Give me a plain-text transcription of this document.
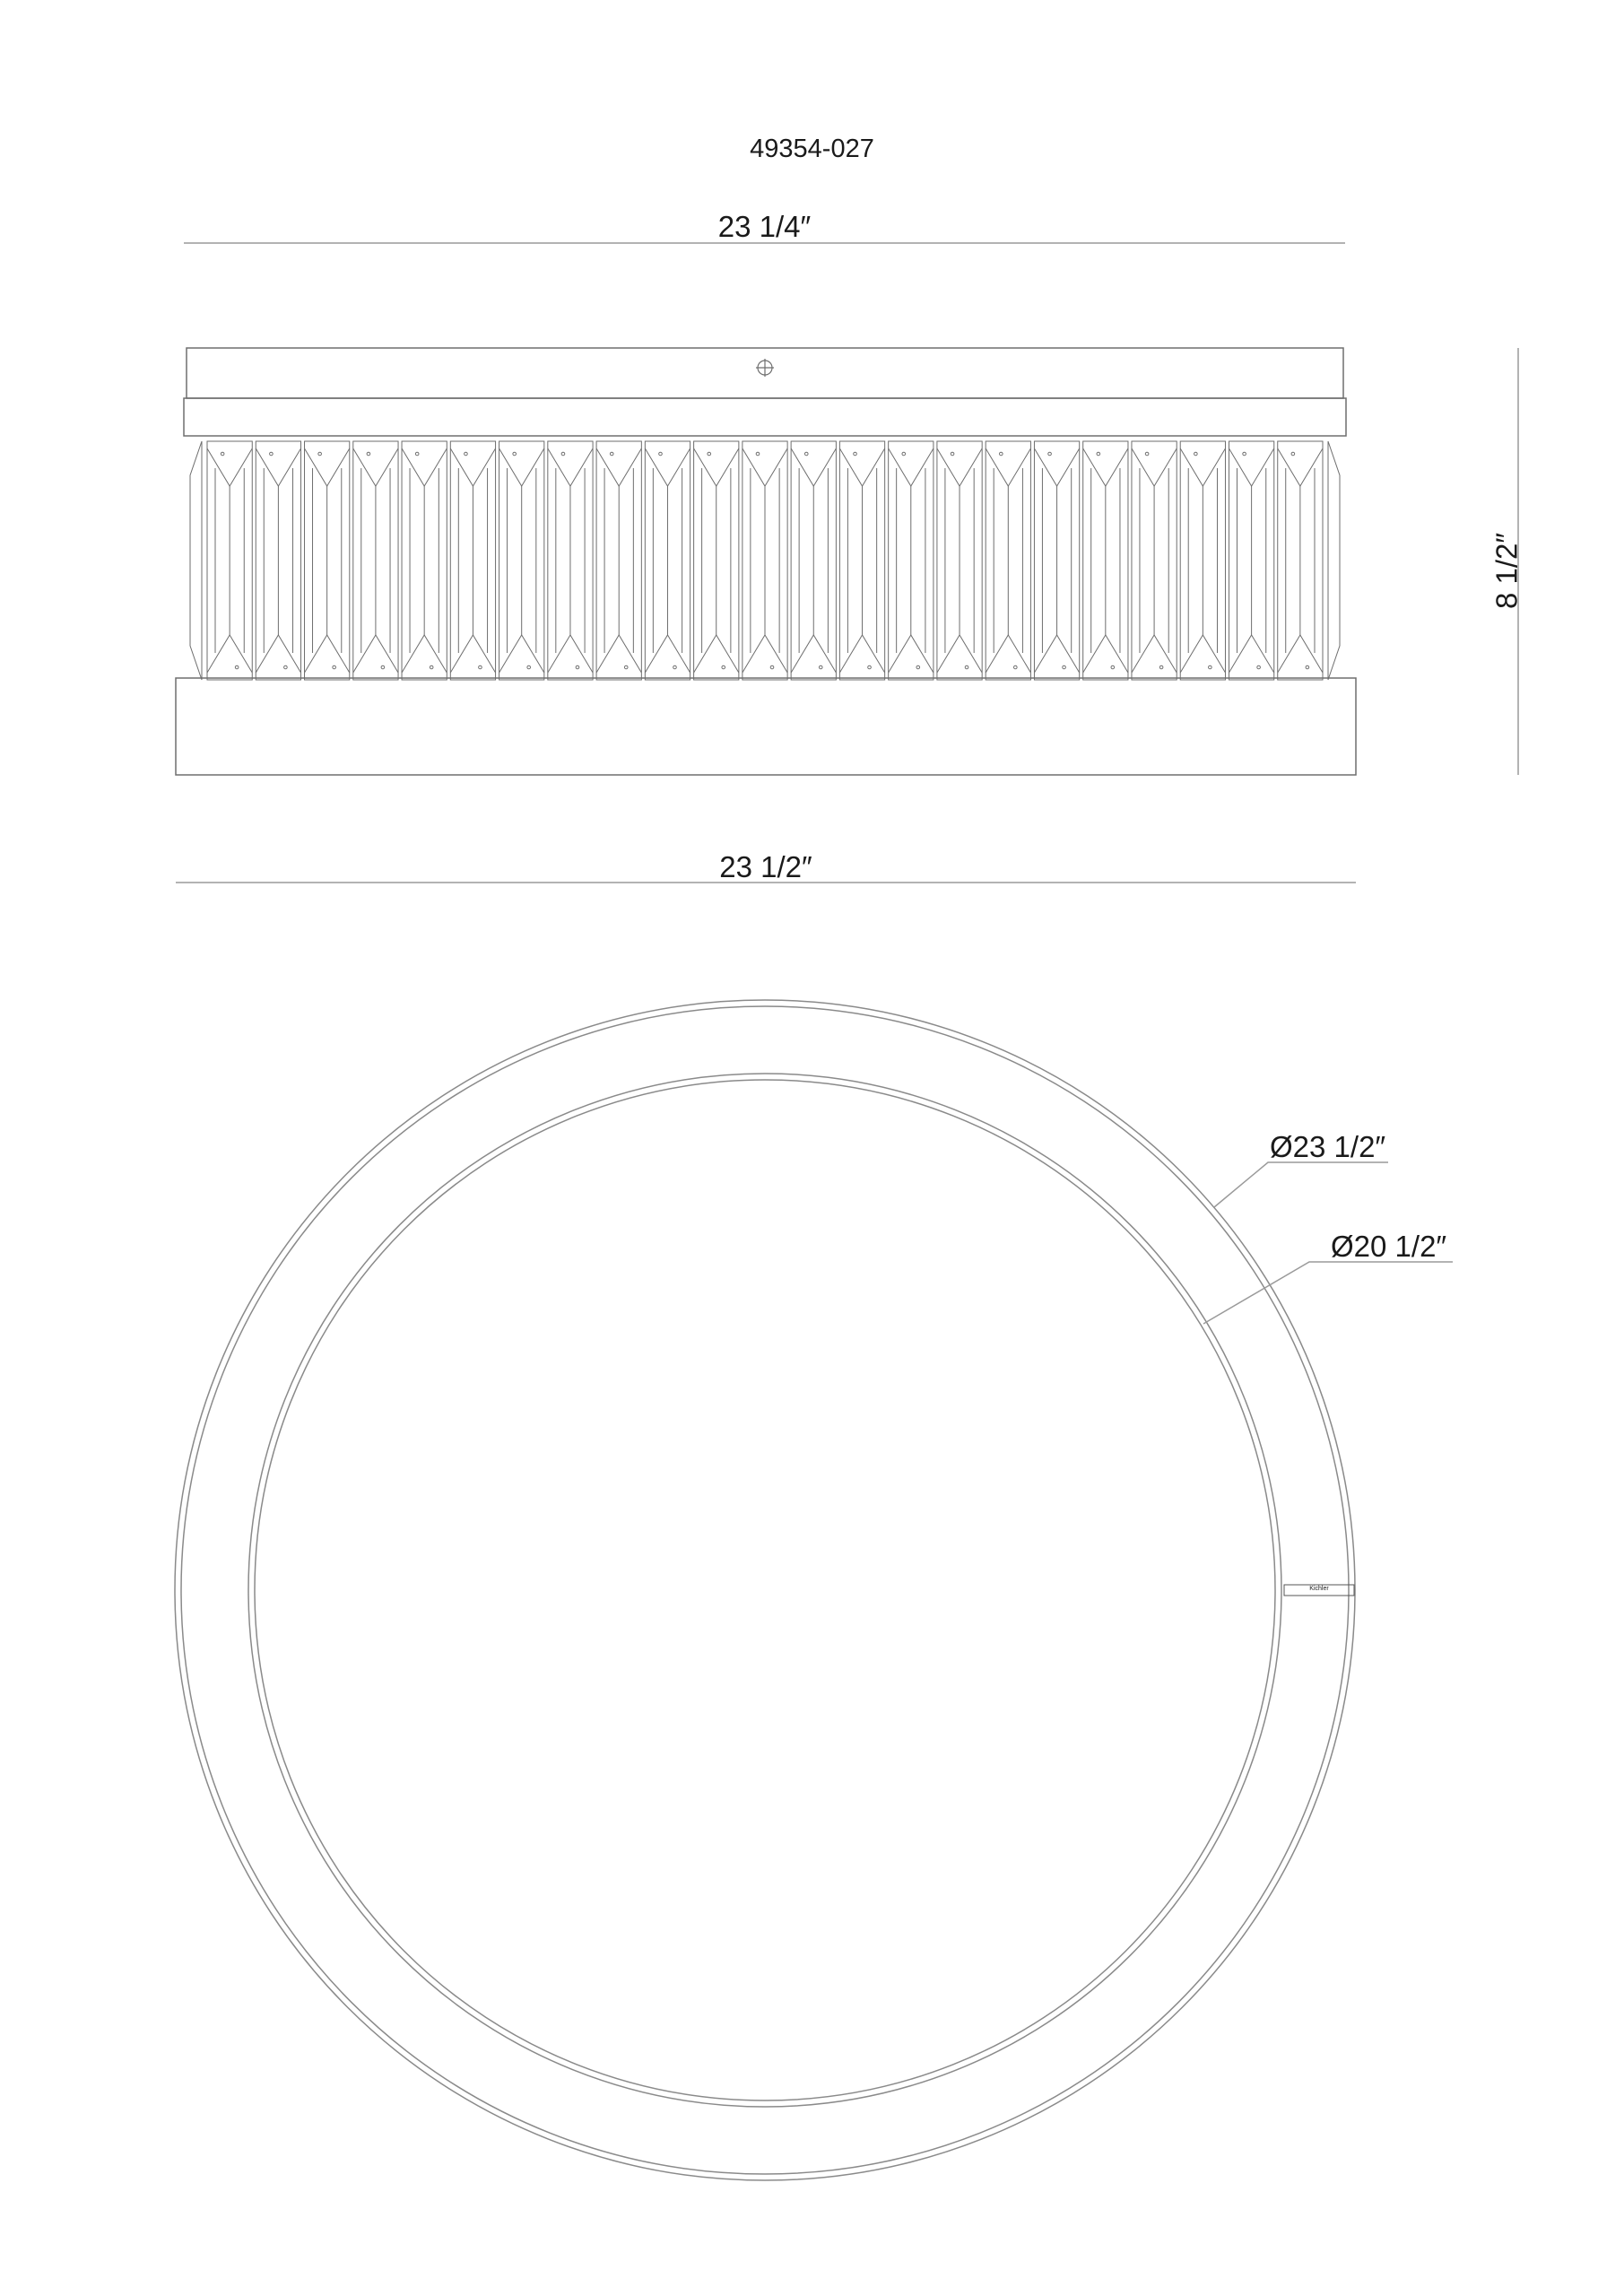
49354-027
23 1/4″
23 1/2″
8 1/2″
Ø23 1/2″
Ø20 1/2″
Kichler
